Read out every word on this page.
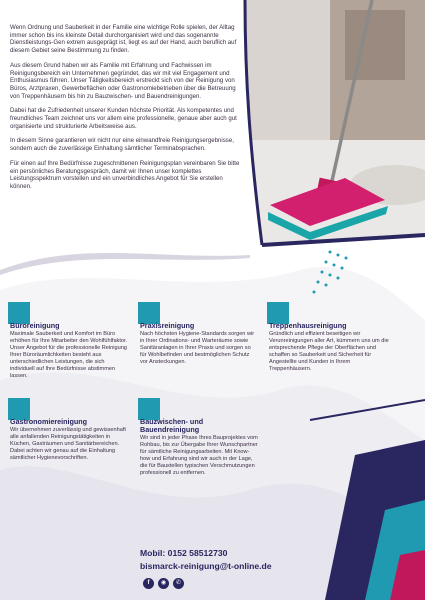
Wenn Ordnung und Sauberkeit in der Familie eine wichtige Rolle spielen, der Alltag immer schon bis ins kleinste Detail durchorganisiert wird und das sogenannte Dienstleistungs-Gen extrem ausgeprägt ist, liegt es auf der Hand, auch beruflich auf diesem Gebiet seine Bestimmung zu finden.

Aus diesem Grund haben wir als Familie mit Erfahrung und Fachwissen im Reinigungsbereich ein Unternehmen gegründet, das wir mit viel Engagement und Enthusiasmus führen. Unser Tätigkeitsbereich erstreckt sich von der Reinigung von Büros, Arztpraxen, Gewerbeflächen oder Gastronomiebetrieben über die Betreuung von Treppenhäusern bis hin zu Bauzwischen- und Bauendreinigungen.

Dabei hat die Zufriedenheit unserer Kunden höchste Priorität. Als kompetentes und freundliches Team zeichnet uns vor allem eine professionelle, genaue aber auch gut organisierte und strukturierte Arbeitsweise aus.

In diesem Sinne garantieren wir nicht nur eine einwandfreie Reinigungsergebnisse, sondern auch die zuverlässige Einhaltung sämtlicher Terminabsprachen.

Für einen auf Ihre Bedürfnisse zugeschnittenen Reinigungsplan vereinbaren Sie bitte ein persönliches Beratungsgespräch, damit wir Ihnen unser komplettes Leistungsspektrum vorstellen und ein unverbindliches Angebot für Sie erstellen können.

Büroreinigung

Maximale Sauberkeit und Komfort im Büro erhöhen für Ihre Mitarbeiter den Wohlfühlfaktor. Unser Angebot für die professionelle Reinigung Ihrer Büroräumlichkeiten besteht aus unterschiedlichen Leistungen, die sich individuell auf Ihre Bedürfnisse abstimmen lassen.

Praxisreinigung

Nach höchsten Hygiene-Standards sorgen wir in Ihrer Ordinations- und Warteräume sowie Sanitäranlagen in Ihrer Praxis und sorgen so für Wohlbefinden und bestmöglichen Schutz vor Ansteckungen.

Treppenhausreinigung

Gründlich und effizient beseitigen wir Verunreinigungen aller Art, kümmern uns um die entsprechende Pflege der Oberflächen und schaffen so Sauberkeit und Sicherheit für Angestellte und Kunden in Ihrem Treppenhäusern.

Gastronomiereinigung

Wir übernehmen zuverlässig und gewissenhaft alle anfallenden Reinigungstätigkeiten in Küchen, Gasträumen und Sanitärbereichen. Dabei achten wir genau auf die Einhaltung sämtlicher Hygienevorschriften.

Bauzwischen- und Bauendreinigung

Wir sind in jeder Phase Ihres Bauprojektes vom Rohbau, bis zur Übergabe Ihrer Wunschpartner für sämtliche Reinigungsarbeiten. Mit Know-how und Erfahrung sind wir auch in der Lage, die für Baustellen typischen Verschmutzungen professionell zu entfernen.

Mobil: 0152 58512730
bismarck-reinigung@t-online.de
f	◉	✆
